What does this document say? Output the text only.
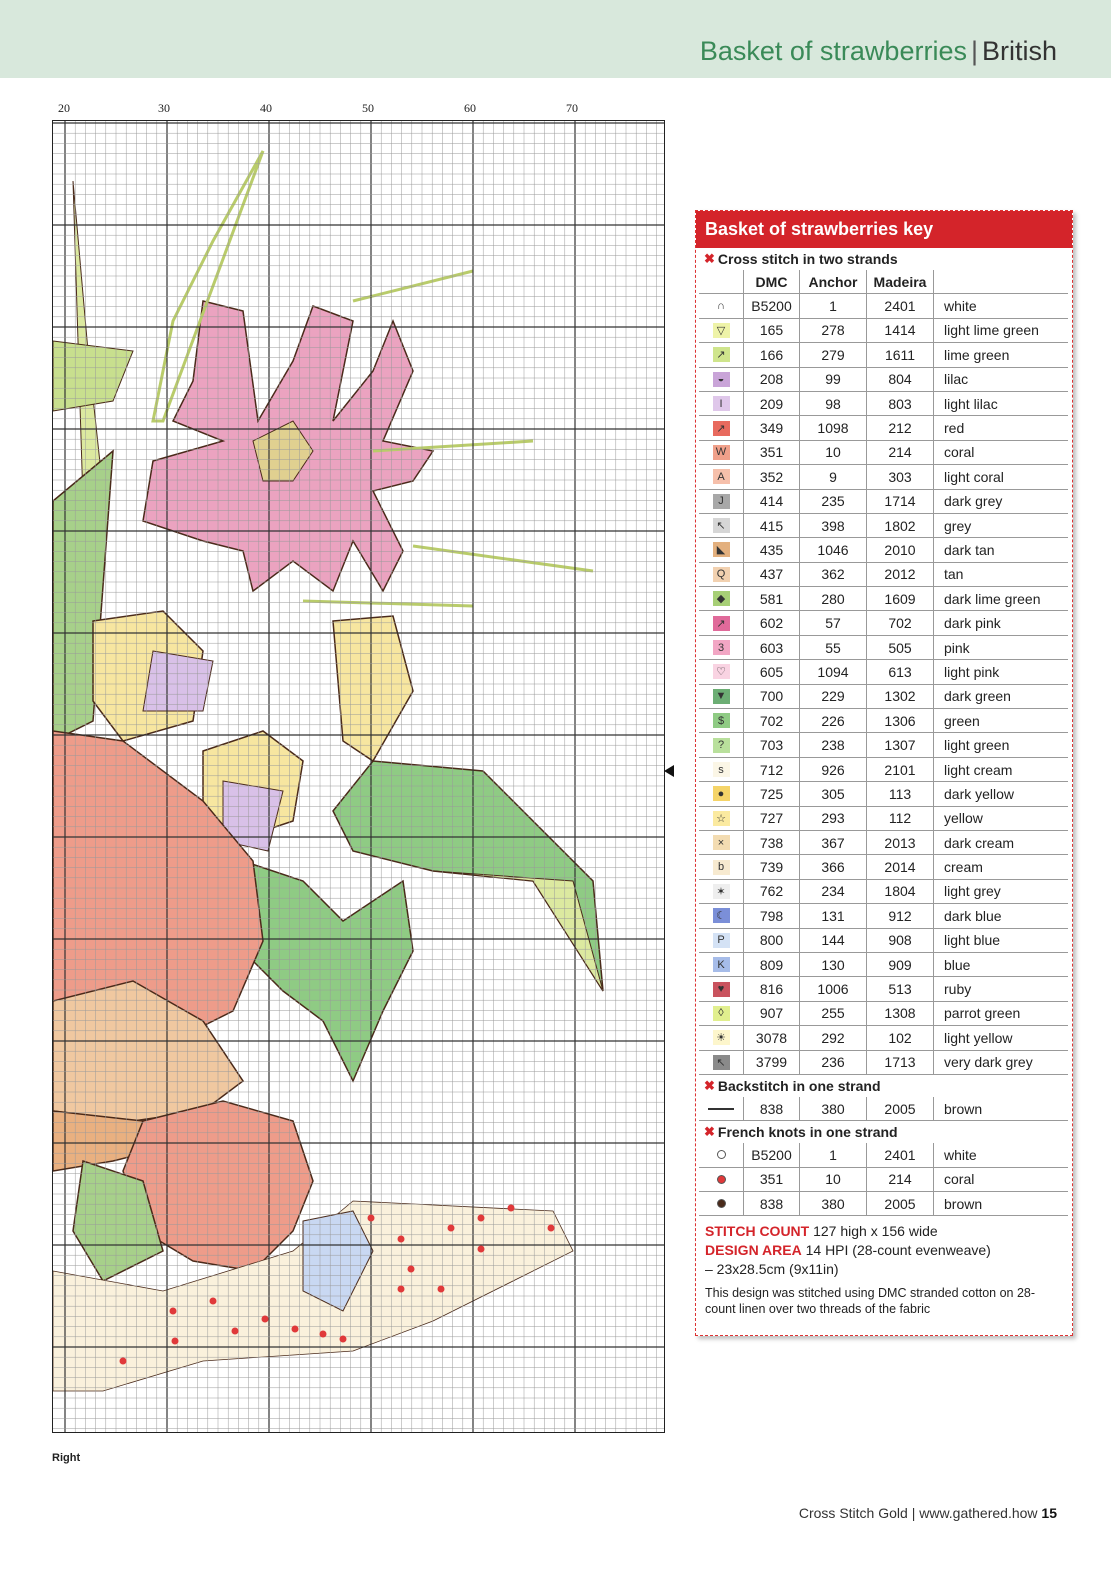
Basket of strawberries | British
20	30	40	50	60	70
Right
Basket of strawberries key
✖ Cross stitch in two strands
DMC	Anchor	Madeira
∩	B5200	1	2401	white
▽	165	278	1414	light lime green
↗	166	279	1611	lime green
◒	208	99	804	lilac
I	209	98	803	light lilac
↗	349	1098	212	red
W	351	10	214	coral
A	352	9	303	light coral
J	414	235	1714	dark grey
↖	415	398	1802	grey
◣	435	1046	2010	dark tan
Q	437	362	2012	tan
◆	581	280	1609	dark lime green
↗	602	57	702	dark pink
3	603	55	505	pink
♡	605	1094	613	light pink
▼	700	229	1302	dark green
$	702	226	1306	green
?	703	238	1307	light green
s	712	926	2101	light cream
●	725	305	113	dark yellow
☆	727	293	112	yellow
×	738	367	2013	dark cream
b	739	366	2014	cream
✶	762	234	1804	light grey
☾	798	131	912	dark blue
P	800	144	908	light blue
K	809	130	909	blue
♥	816	1006	513	ruby
◊	907	255	1308	parrot green
☀	3078	292	102	light yellow
↖	3799	236	1713	very dark grey
✖ Backstitch in one strand
838	380	2005	brown
✖ French knots in one strand
B5200	1	2401	white
351	10	214	coral
838	380	2005	brown
STITCH COUNT 127 high x 156 wide
DESIGN AREA 14 HPI (28-count evenweave)
– 23x28.5cm (9x11in)
This design was stitched using DMC stranded cotton on 28-count linen over two threads of the fabric
Cross Stitch Gold | www.gathered.how 15
